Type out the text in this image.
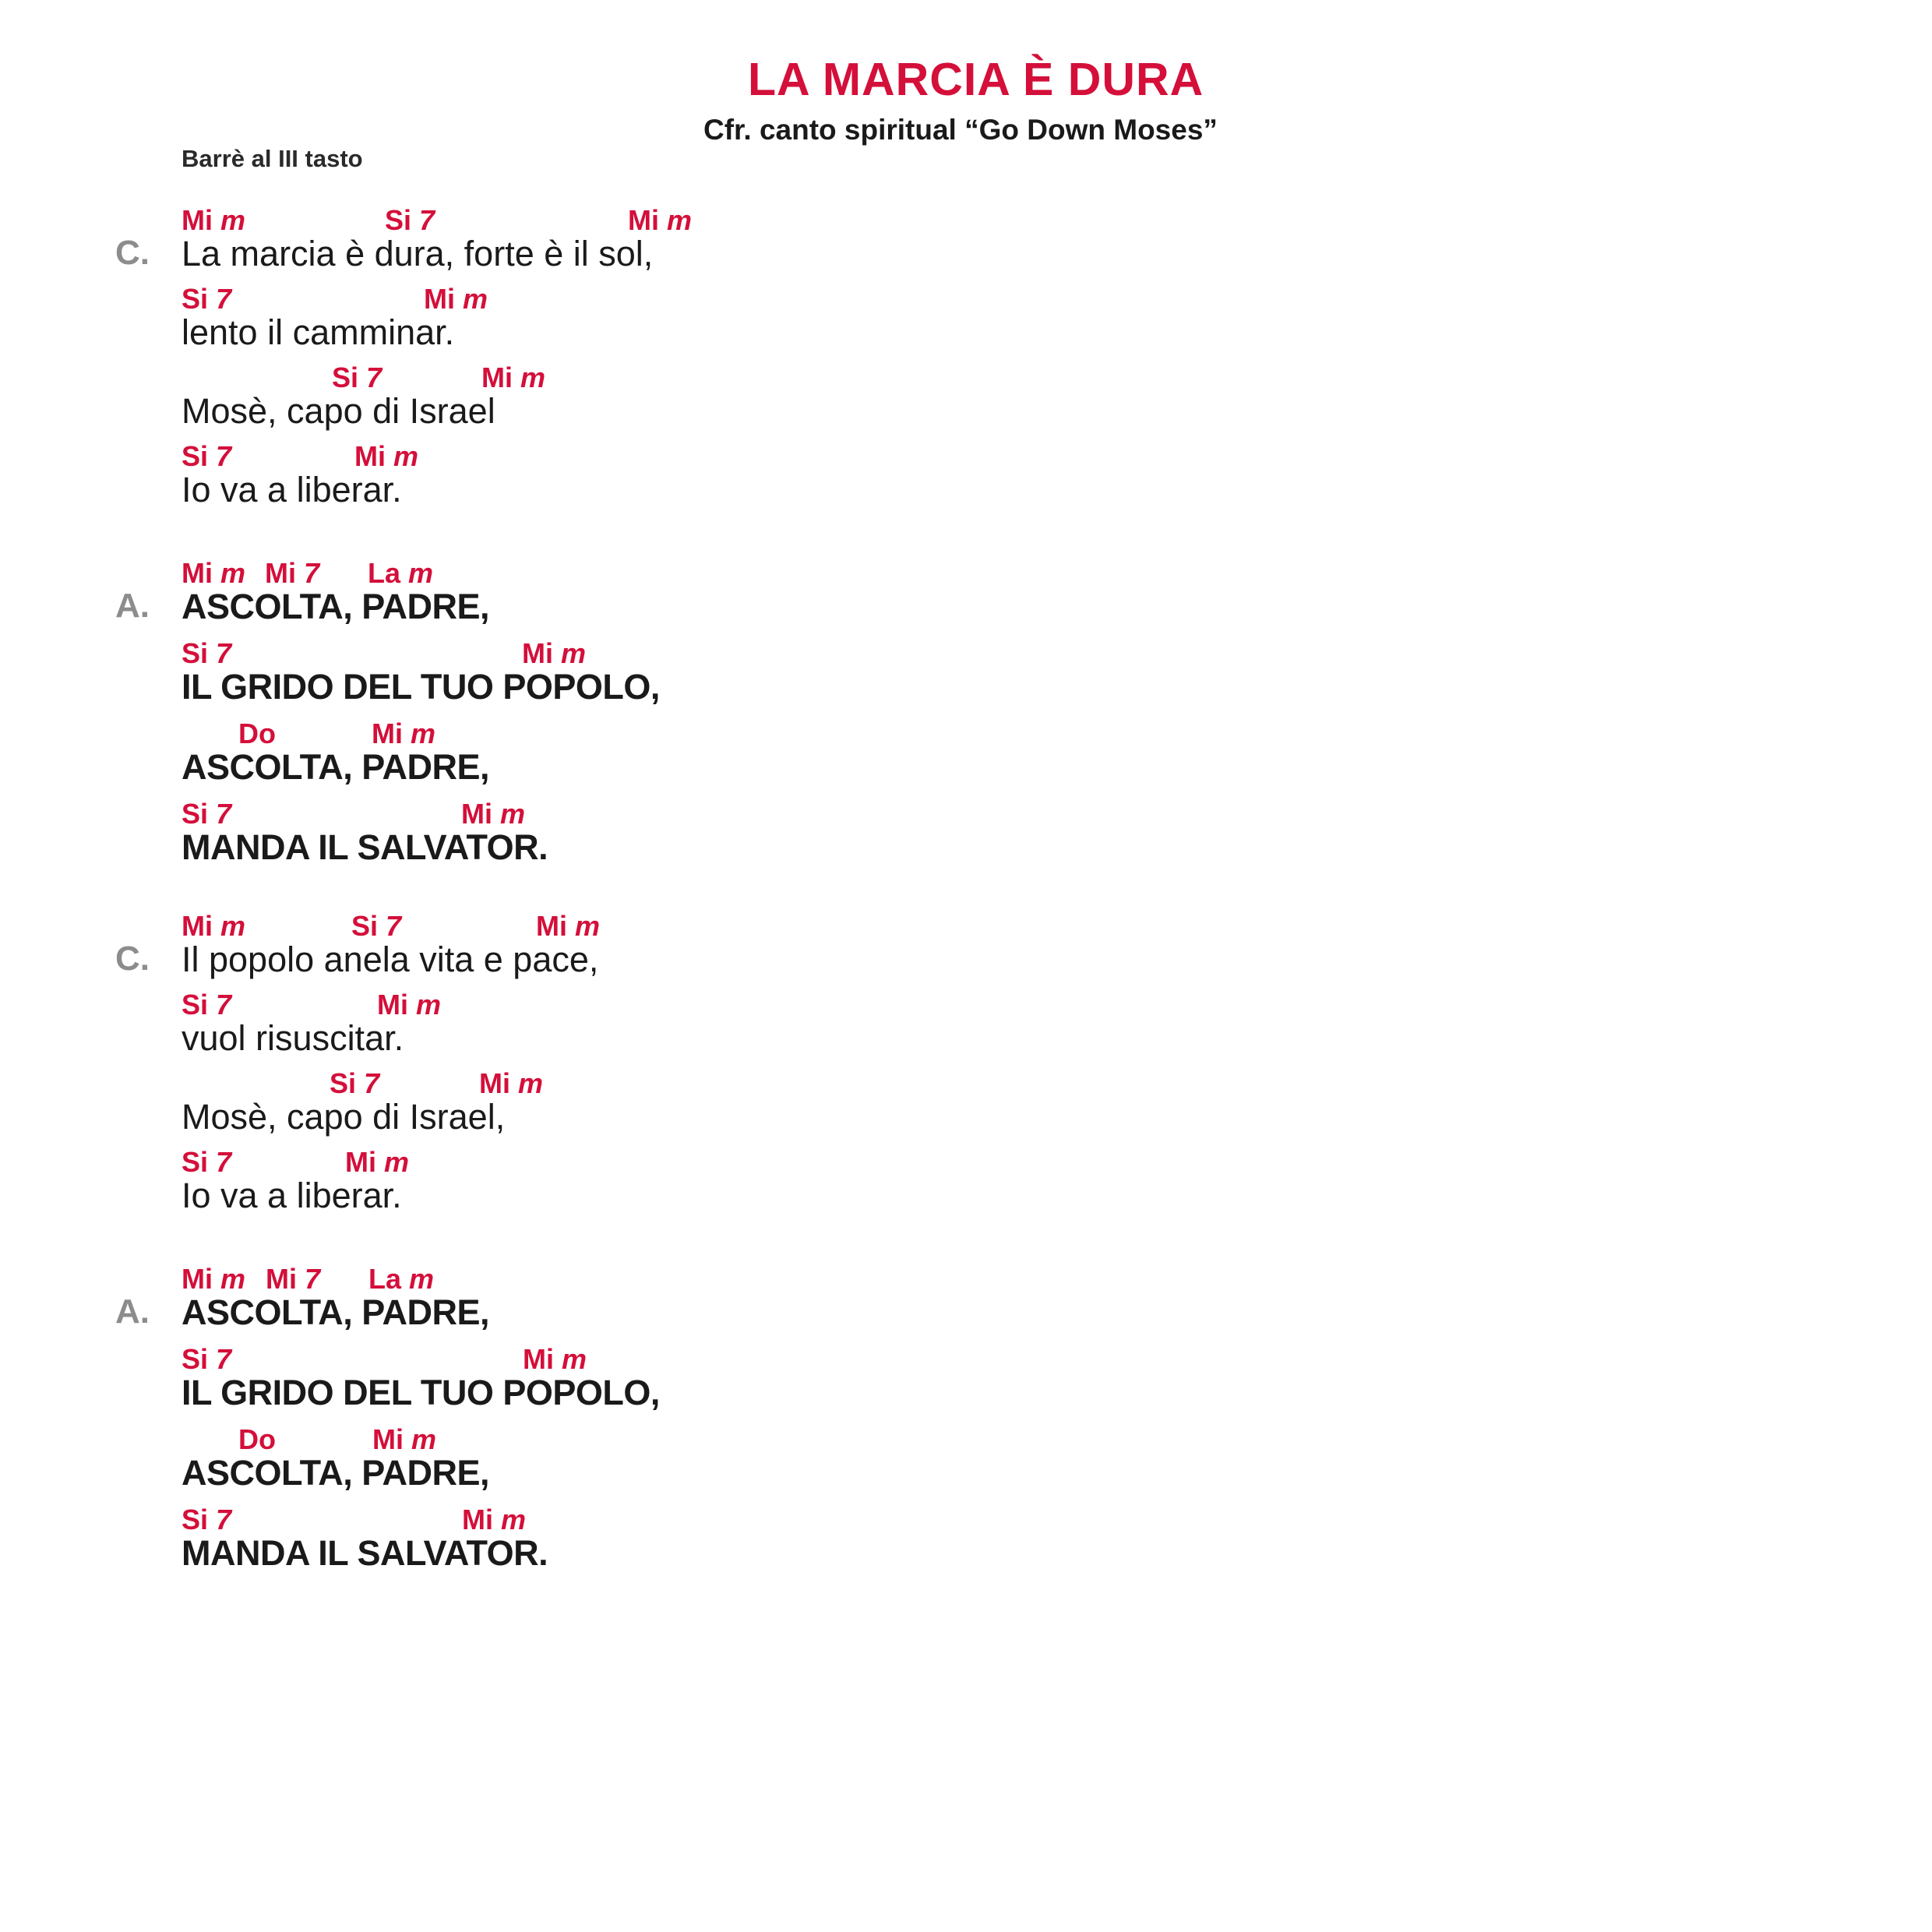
LA MARCIA È DURA
Cfr. canto spiritual “Go Down Moses”
Barrè al III tasto
C.
Mi m	Si 7	Mi m
La marcia è dura, forte è il sol,
Si 7	Mi m
lento il camminar.
Si 7	Mi m
Mosè, capo di Israel
Si 7	Mi m
Io va a liberar.
A.
Mi m Mi 7 La m
ASCOLTA, PADRE,
Si 7	Mi m
IL GRIDO DEL TUO POPOLO,
Do	Mi m
ASCOLTA, PADRE,
Si 7	Mi m
MANDA IL SALVATOR.
C.
Mi m	Si 7	Mi m
Il popolo anela vita e pace,
Si 7	Mi m
vuol risuscitar.
Si 7	Mi m
Mosè, capo di Israel,
Si 7	Mi m
Io va a liberar.
A.
Mi m Mi 7 La m
ASCOLTA, PADRE,
Si 7	Mi m
IL GRIDO DEL TUO POPOLO,
Do	Mi m
ASCOLTA, PADRE,
Si 7	Mi m
MANDA IL SALVATOR.
